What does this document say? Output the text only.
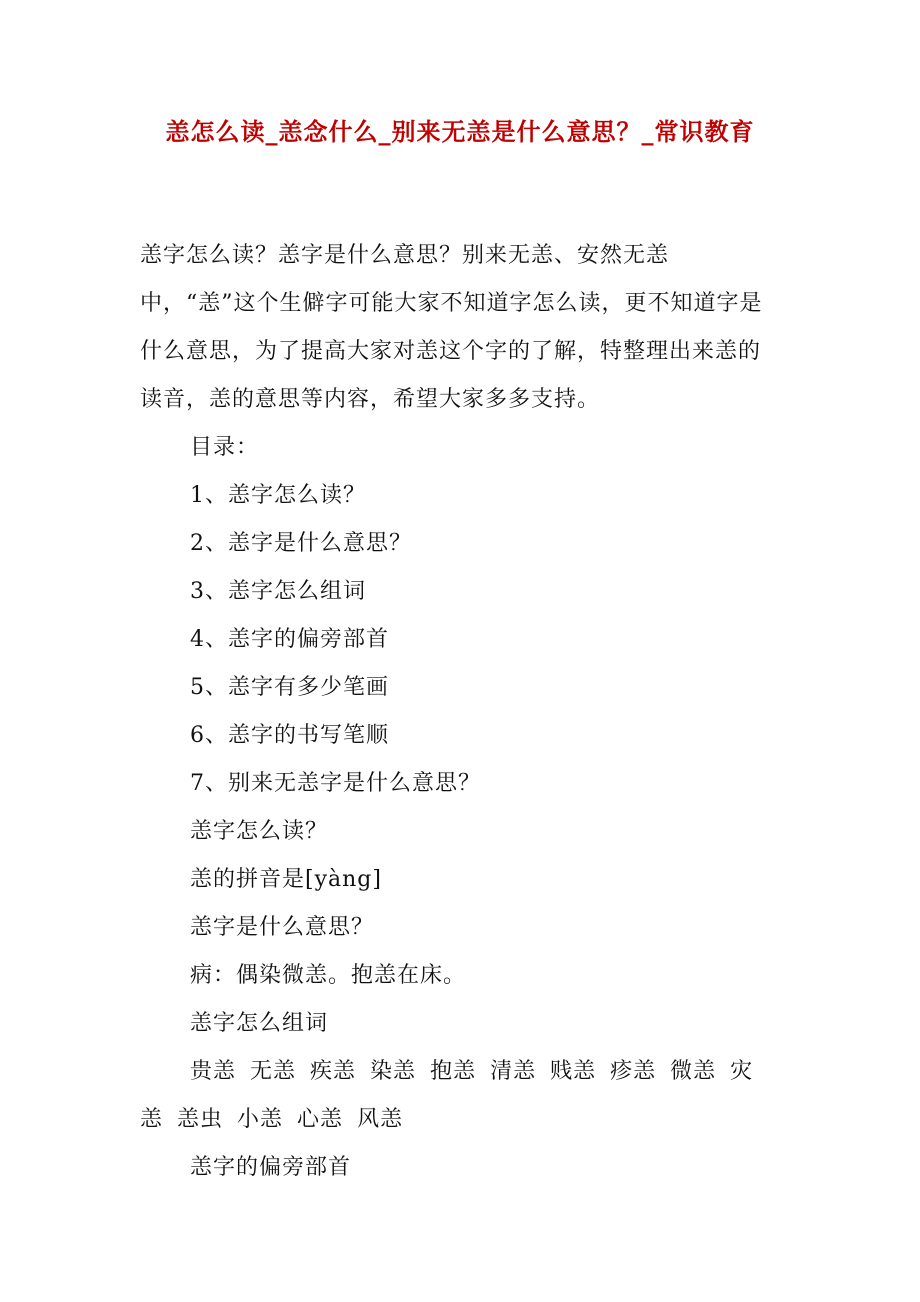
恙怎么读_恙念什么_别来无恙是什么意思？_常识教育

恙字怎么读？恙字是什么意思？别来无恙、安然无恙中，“恙”这个生僻字可能大家不知道字怎么读，更不知道字是什么意思，为了提高大家对恙这个字的了解，特整理出来恙的读音，恙的意思等内容，希望大家多多支持。

目录：

1、恙字怎么读？

2、恙字是什么意思？

3、恙字怎么组词

4、恙字的偏旁部首

5、恙字有多少笔画

6、恙字的书写笔顺

7、别来无恙字是什么意思？

恙字怎么读？

恙的拼音是[yàng]

恙字是什么意思？

病：偶染微恙。抱恙在床。

恙字怎么组词

贵恙 无恙 疾恙 染恙 抱恙 清恙 贱恙 疹恙 微恙 灾恙 恙虫 小恙 心恙 风恙

恙字的偏旁部首
